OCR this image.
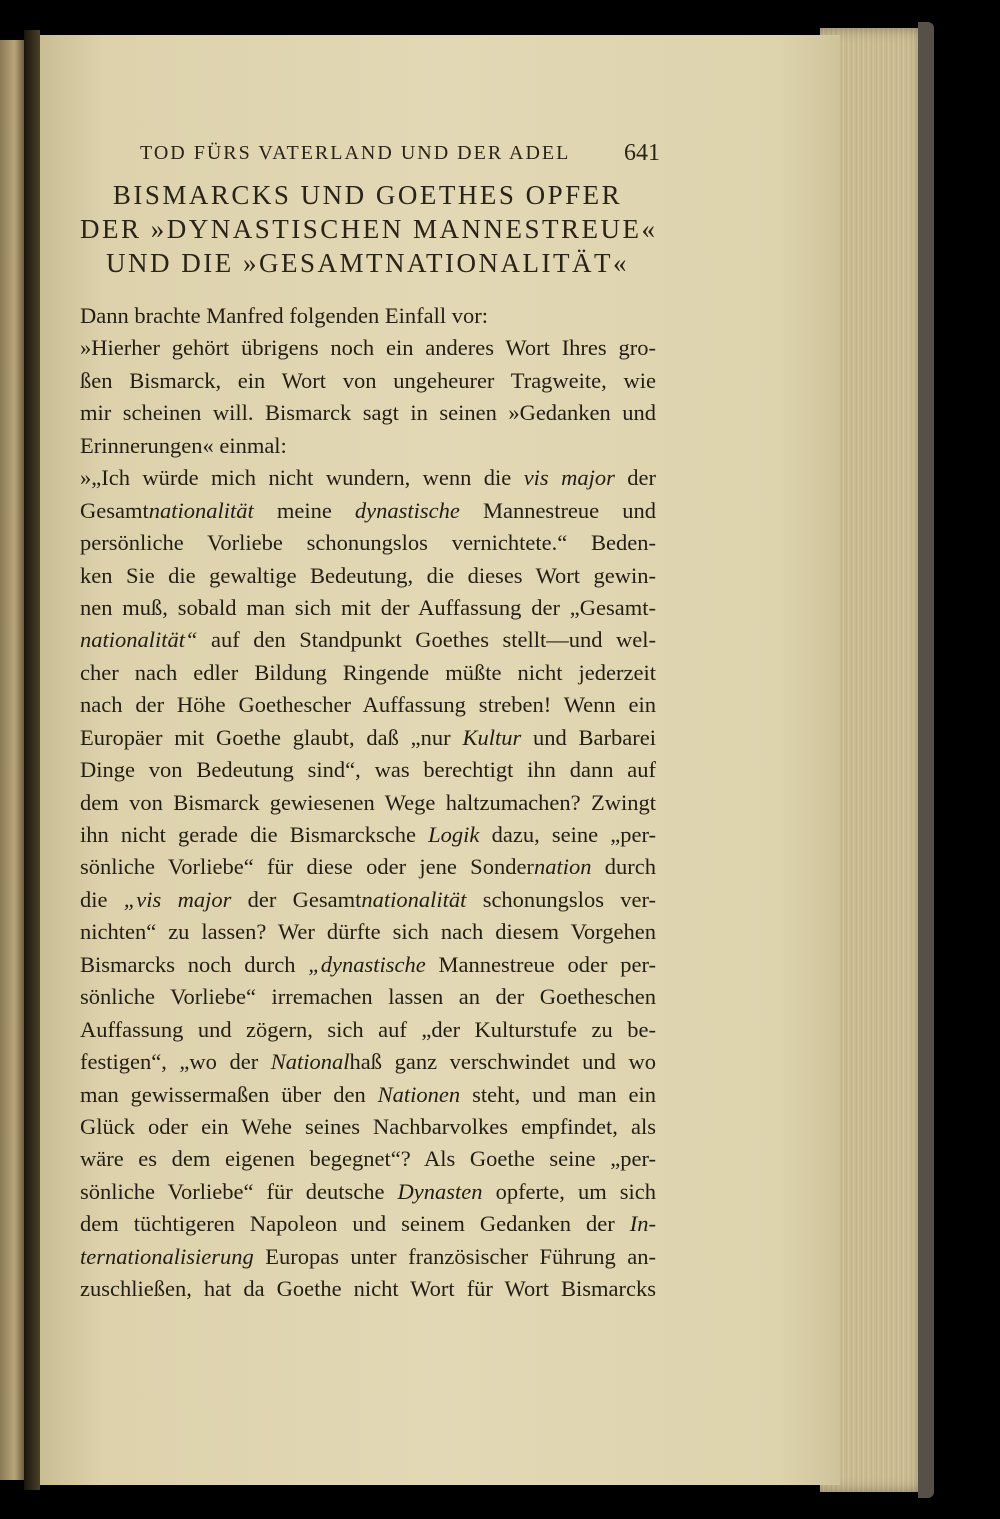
TOD FÜRS VATERLAND UND DER ADEL 641
BISMARCKS UND GOETHES OPFER
DER »DYNASTISCHEN MANNESTREUE«
UND DIE »GESAMTNATIONALITÄT«
Dann brachte Manfred folgenden Einfall vor:
»Hierher gehört übrigens noch ein anderes Wort Ihres gro-
ßen Bismarck, ein Wort von ungeheurer Tragweite, wie
mir scheinen will. Bismarck sagt in seinen »Gedanken und
Erinnerungen« einmal:
»„Ich würde mich nicht wundern, wenn die vis major der
Gesamtnationalität meine dynastische Mannestreue und
persönliche Vorliebe schonungslos vernichtete.“ Beden-
ken Sie die gewaltige Bedeutung, die dieses Wort gewin-
nen muß, sobald man sich mit der Auffassung der „Gesamt-
nationalität“ auf den Standpunkt Goethes stellt—und wel-
cher nach edler Bildung Ringende müßte nicht jederzeit
nach der Höhe Goethescher Auffassung streben! Wenn ein
Europäer mit Goethe glaubt, daß „nur Kultur und Barbarei
Dinge von Bedeutung sind“, was berechtigt ihn dann auf
dem von Bismarck gewiesenen Wege haltzumachen? Zwingt
ihn nicht gerade die Bismarcksche Logik dazu, seine „per-
sönliche Vorliebe“ für diese oder jene Sondernation durch
die „vis major der Gesamtnationalität schonungslos ver-
nichten“ zu lassen? Wer dürfte sich nach diesem Vorgehen
Bismarcks noch durch „dynastische Mannestreue oder per-
sönliche Vorliebe“ irremachen lassen an der Goetheschen
Auffassung und zögern, sich auf „der Kulturstufe zu be-
festigen“, „wo der Nationalhaß ganz verschwindet und wo
man gewissermaßen über den Nationen steht, und man ein
Glück oder ein Wehe seines Nachbarvolkes empfindet, als
wäre es dem eigenen begegnet“? Als Goethe seine „per-
sönliche Vorliebe“ für deutsche Dynasten opferte, um sich
dem tüchtigeren Napoleon und seinem Gedanken der In-
ternationalisierung Europas unter französischer Führung an-
zuschließen, hat da Goethe nicht Wort für Wort Bismarcks
